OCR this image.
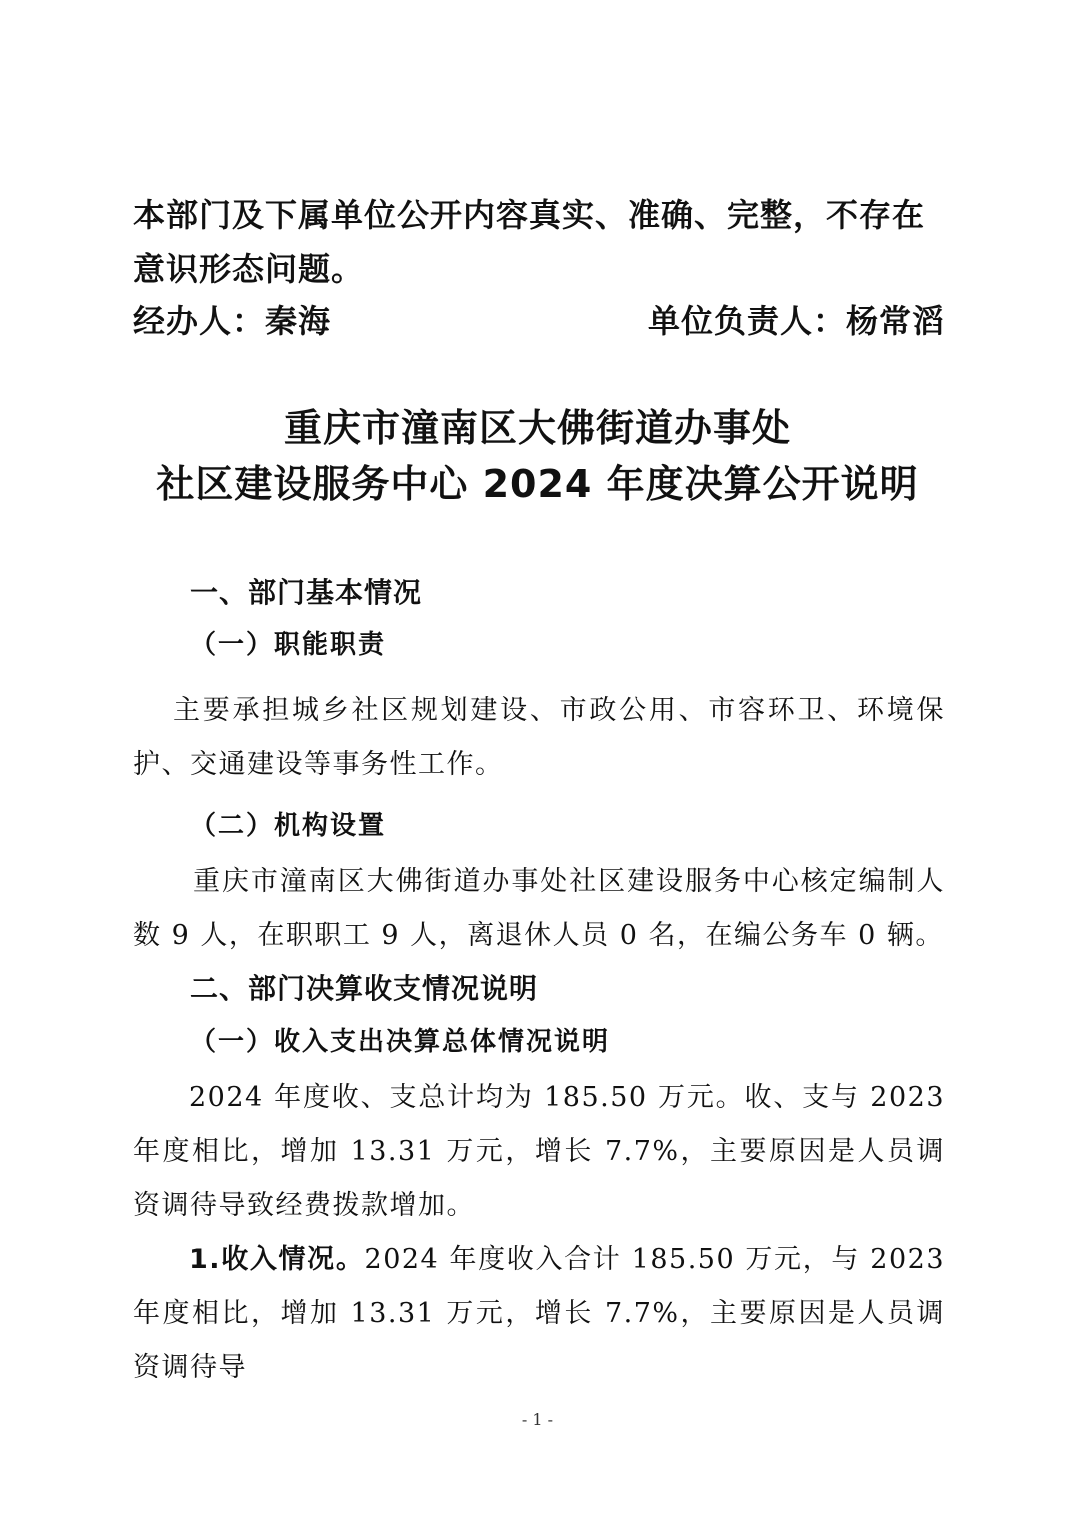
本部门及下属单位公开内容真实、准确、完整，不存在意识形态问题。
经办人：秦海	单位负责人：杨常滔
重庆市潼南区大佛街道办事处
社区建设服务中心 2024 年度决算公开说明
一、部门基本情况
（一）职能职责
主要承担城乡社区规划建设、市政公用、市容环卫、环境保护、交通建设等事务性工作。
（二）机构设置
重庆市潼南区大佛街道办事处社区建设服务中心核定编制人数 9 人，在职职工 9 人，离退休人员 0 名，在编公务车 0 辆。
二、部门决算收支情况说明
（一）收入支出决算总体情况说明
2024 年度收、支总计均为 185.50 万元。收、支与 2023 年度相比，增加 13.31 万元，增长 7.7%，主要原因是人员调资调待导致经费拨款增加。
1.收入情况。2024 年度收入合计 185.50 万元，与 2023 年度相比，增加 13.31 万元，增长 7.7%，主要原因是人员调资调待导
- 1 -
